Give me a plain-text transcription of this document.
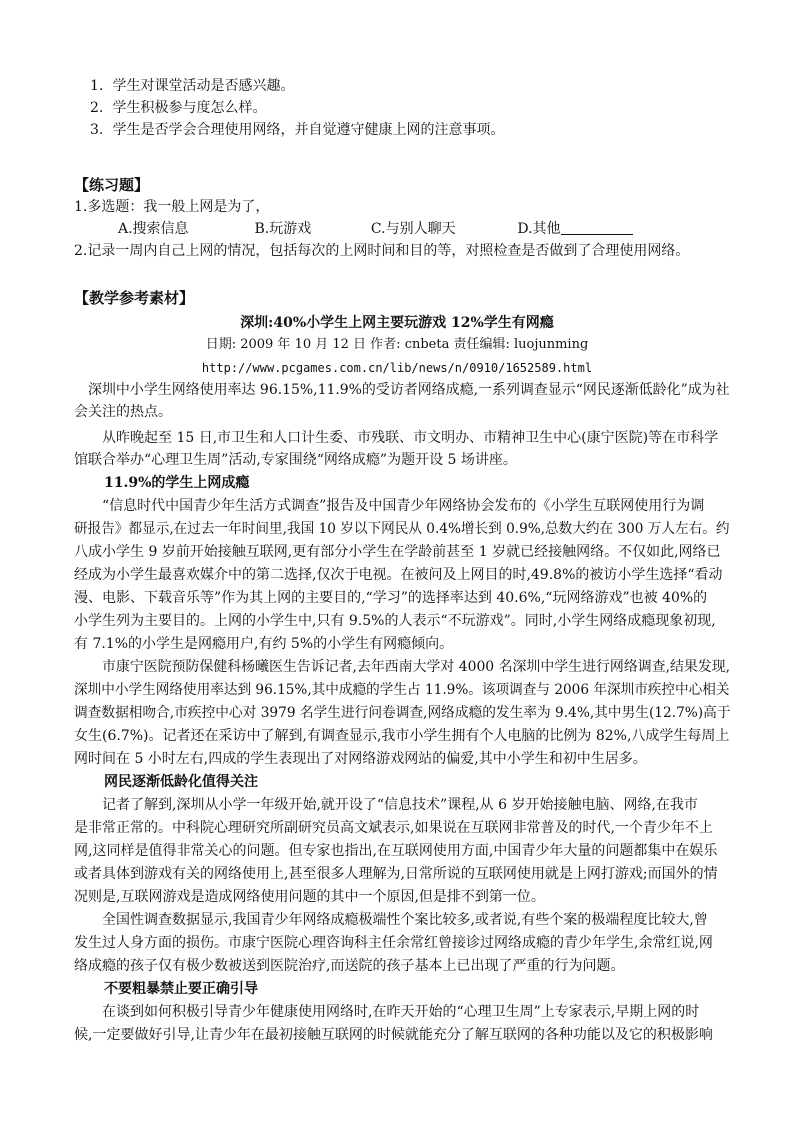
1. 学生对课堂活动是否感兴趣。
2. 学生积极参与度怎么样。
3. 学生是否学会合理使用网络，并自觉遵守健康上网的注意事项。
【练习题】
1.多选题：我一般上网是为了，
A.搜索信息	B.玩游戏	C.与别人聊天	D.其他
2.记录一周内自己上网的情况，包括每次的上网时间和目的等，对照检查是否做到了合理使用网络。
【教学参考素材】
深圳:40%小学生上网主要玩游戏 12%学生有网瘾
日期: 2009 年 10 月 12 日 作者: cnbeta 责任编辑: luojunming
http://www.pcgames.com.cn/lib/news/n/0910/1652589.html
深圳中小学生网络使用率达 96.15%,11.9%的受访者网络成瘾,一系列调查显示“网民逐渐低龄化”成为社
会关注的热点。
从昨晚起至 15 日,市卫生和人口计生委、市残联、市文明办、市精神卫生中心(康宁医院)等在市科学
馆联合举办“心理卫生周”活动,专家围绕“网络成瘾”为题开设 5 场讲座。
11.9%的学生上网成瘾
“信息时代中国青少年生活方式调查”报告及中国青少年网络协会发布的《小学生互联网使用行为调
研报告》都显示,在过去一年时间里,我国 10 岁以下网民从 0.4%增长到 0.9%,总数大约在 300 万人左右。约
八成小学生 9 岁前开始接触互联网,更有部分小学生在学龄前甚至 1 岁就已经接触网络。不仅如此,网络已
经成为小学生最喜欢媒介中的第二选择,仅次于电视。在被问及上网目的时,49.8%的被访小学生选择“看动
漫、电影、下载音乐等”作为其上网的主要目的,“学习”的选择率达到 40.6%,“玩网络游戏”也被 40%的
小学生列为主要目的。上网的小学生中,只有 9.5%的人表示“不玩游戏”。同时,小学生网络成瘾现象初现,
有 7.1%的小学生是网瘾用户,有约 5%的小学生有网瘾倾向。
市康宁医院预防保健科杨曦医生告诉记者,去年西南大学对 4000 名深圳中学生进行网络调查,结果发现,
深圳中小学生网络使用率达到 96.15%,其中成瘾的学生占 11.9%。该项调查与 2006 年深圳市疾控中心相关
调查数据相吻合,市疾控中心对 3979 名学生进行问卷调查,网络成瘾的发生率为 9.4%,其中男生(12.7%)高于
女生(6.7%)。记者还在采访中了解到,有调查显示,我市小学生拥有个人电脑的比例为 82%,八成学生每周上
网时间在 5 小时左右,四成的学生表现出了对网络游戏网站的偏爱,其中小学生和初中生居多。
网民逐渐低龄化值得关注
记者了解到,深圳从小学一年级开始,就开设了“信息技术”课程,从 6 岁开始接触电脑、网络,在我市
是非常正常的。中科院心理研究所副研究员高文斌表示,如果说在互联网非常普及的时代,一个青少年不上
网,这同样是值得非常关心的问题。但专家也指出,在互联网使用方面,中国青少年大量的问题都集中在娱乐
或者具体到游戏有关的网络使用上,甚至很多人理解为,日常所说的互联网使用就是上网打游戏;而国外的情
况则是,互联网游戏是造成网络使用问题的其中一个原因,但是排不到第一位。
全国性调查数据显示,我国青少年网络成瘾极端性个案比较多,或者说,有些个案的极端程度比较大,曾
发生过人身方面的损伤。市康宁医院心理咨询科主任余常红曾接诊过网络成瘾的青少年学生,余常红说,网
络成瘾的孩子仅有极少数被送到医院治疗,而送院的孩子基本上已出现了严重的行为问题。
不要粗暴禁止要正确引导
在谈到如何积极引导青少年健康使用网络时,在昨天开始的“心理卫生周”上专家表示,早期上网的时
候,一定要做好引导,让青少年在最初接触互联网的时候就能充分了解互联网的各种功能以及它的积极影响
